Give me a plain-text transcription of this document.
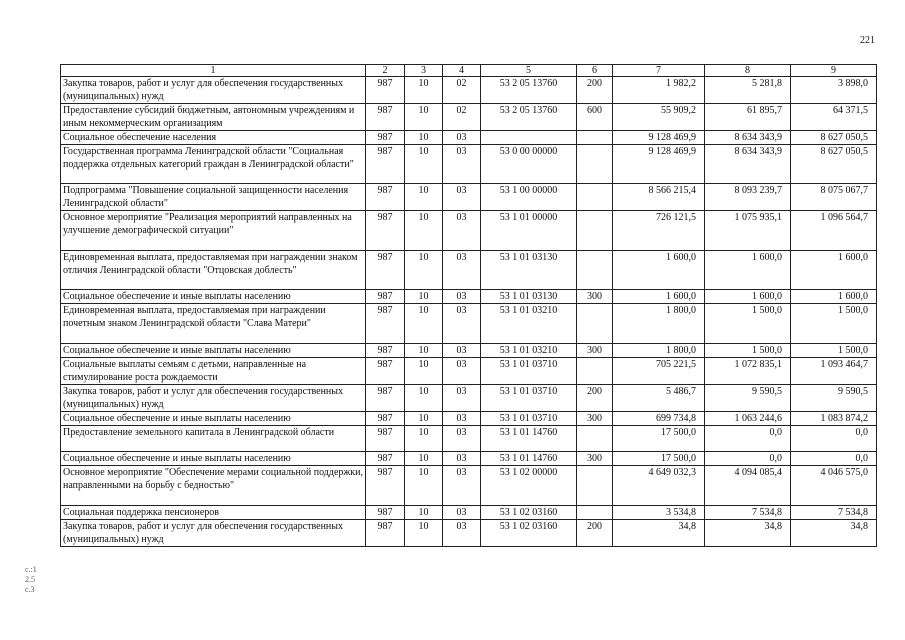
221
1	2	3	4	5	6	7	8	9
Закупка товаров, работ и услуг для обеспечения государственных (муниципальных) нужд	987	10	02	53 2 05 13760	200	1 982,2	5 281,8	3 898,0
Предоставление субсидий бюджетным, автономным учреждениям и иным некоммерческим организациям	987	10	02	53 2 05 13760	600	55 909,2	61 895,7	64 371,5
Социальное обеспечение населения	987	10	03			9 128 469,9	8 634 343,9	8 627 050,5
Государственная программа Ленинградской области "Социальная поддержка отдельных категорий граждан в Ленинградской области"	987	10	03	53 0 00 00000		9 128 469,9	8 634 343,9	8 627 050,5
Подпрограмма "Повышение социальной защищенности населения Ленинградской области"	987	10	03	53 1 00 00000		8 566 215,4	8 093 239,7	8 075 067,7
Основное мероприятие "Реализация мероприятий направленных на улучшение демографической ситуации"	987	10	03	53 1 01 00000		726 121,5	1 075 935,1	1 096 564,7
Единовременная выплата, предоставляемая при награждении знаком отличия Ленинградской области "Отцовская доблесть"	987	10	03	53 1 01 03130		1 600,0	1 600,0	1 600,0
Социальное обеспечение и иные выплаты населению	987	10	03	53 1 01 03130	300	1 600,0	1 600,0	1 600,0
Единовременная выплата, предоставляемая при награждении почетным знаком Ленинградской области "Слава Матери"	987	10	03	53 1 01 03210		1 800,0	1 500,0	1 500,0
Социальное обеспечение и иные выплаты населению	987	10	03	53 1 01 03210	300	1 800,0	1 500,0	1 500,0
Социальные выплаты семьям с детьми, направленные на стимулирование роста рождаемости	987	10	03	53 1 01 03710		705 221,5	1 072 835,1	1 093 464,7
Закупка товаров, работ и услуг для обеспечения государственных (муниципальных) нужд	987	10	03	53 1 01 03710	200	5 486,7	9 590,5	9 590,5
Социальное обеспечение и иные выплаты населению	987	10	03	53 1 01 03710	300	699 734,8	1 063 244,6	1 083 874,2
Предоставление земельного капитала в Ленинградской области	987	10	03	53 1 01 14760		17 500,0	0,0	0,0
Социальное обеспечение и иные выплаты населению	987	10	03	53 1 01 14760	300	17 500,0	0,0	0,0
Основное мероприятие "Обеспечение мерами социальной поддержки, направленными на борьбу с бедностью"	987	10	03	53 1 02 00000		4 649 032,3	4 094 085,4	4 046 575,0
Социальная поддержка пенсионеров	987	10	03	53 1 02 03160		3 534,8	7 534,8	7 534,8
Закупка товаров, работ и услуг для обеспечения государственных (муниципальных) нужд	987	10	03	53 1 02 03160	200	34,8	34,8	34,8
с.:1
2.5
с.3
